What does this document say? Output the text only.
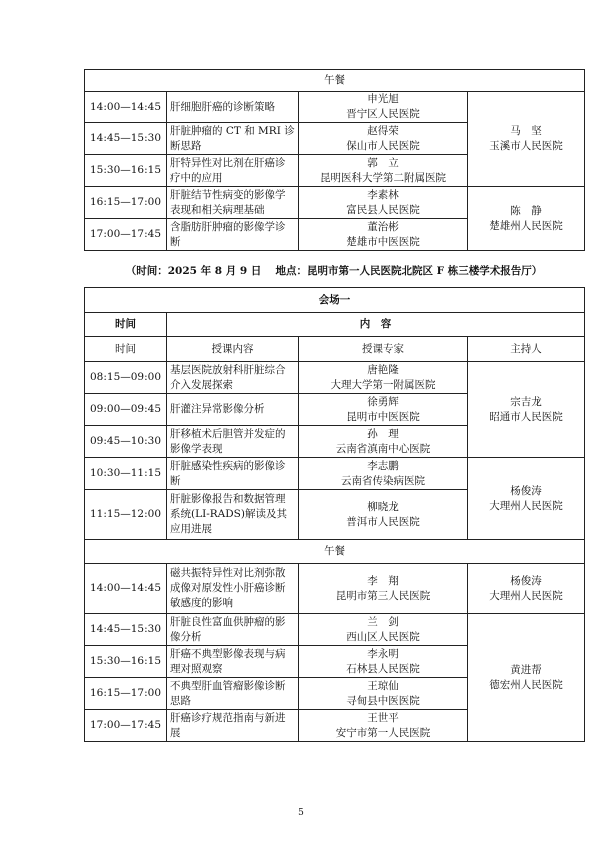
午餐			
14:00—14:45	肝细胞肝癌的诊断策略	申光旭
晋宁区人民医院	马　坚
玉溪市人民医院

14:45—15:30	肝脏肿瘤的 CT 和 MRI 诊
断思路	赵得荣
保山市人民医院	

15:30—16:15	肝特异性对比剂在肝癌诊
疗中的应用	郭　立
昆明医科大学第二附属医院	

16:15—17:00	肝脏结节性病变的影像学
表现和相关病理基础	李素林
富民县人民医院	陈　静
楚雄州人民医院

17:00—17:45	含脂肪肝肿瘤的影像学诊
断	董治彬
楚雄市中医医院	
（时间：2025 年 8 月 9 日　 地点：昆明市第一人民医院北院区 F 栋三楼学术报告厅）
会场一			
时间	内　容		
时间	授课内容	授课专家	主持人
08:15—09:00	基层医院放射科肝脏综合
介入发展探索	唐艳隆
大理大学第一附属医院	宗吉龙
昭通市人民医院

09:00—09:45	肝灌注异常影像分析	徐勇辉
昆明市中医医院	

09:45—10:30	肝移植术后胆管并发症的
影像学表现	孙　理
云南省滇南中心医院	

10:30—11:15	肝脏感染性疾病的影像诊
断	李志鹏
云南省传染病医院	杨俊涛
大理州人民医院

11:15—12:00	肝脏影像报告和数据管理
系统(LI-RADS)解读及其
应用进展	柳晓龙
普洱市人民医院	

午餐			
14:00—14:45	磁共振特异性对比剂弥散
成像对原发性小肝癌诊断
敏感度的影响	李　翔
昆明市第三人民医院	杨俊涛
大理州人民医院

14:45—15:30	肝脏良性富血供肿瘤的影
像分析	兰　剑
西山区人民医院	黄进帮
德宏州人民医院

15:30—16:15	肝癌不典型影像表现与病
理对照观察	李永明
石林县人民医院	

16:15—17:00	不典型肝血管瘤影像诊断
思路	王琼仙
寻甸县中医医院	

17:00—17:45	肝癌诊疗规范指南与新进
展	王世平
安宁市第一人民医院	
5
